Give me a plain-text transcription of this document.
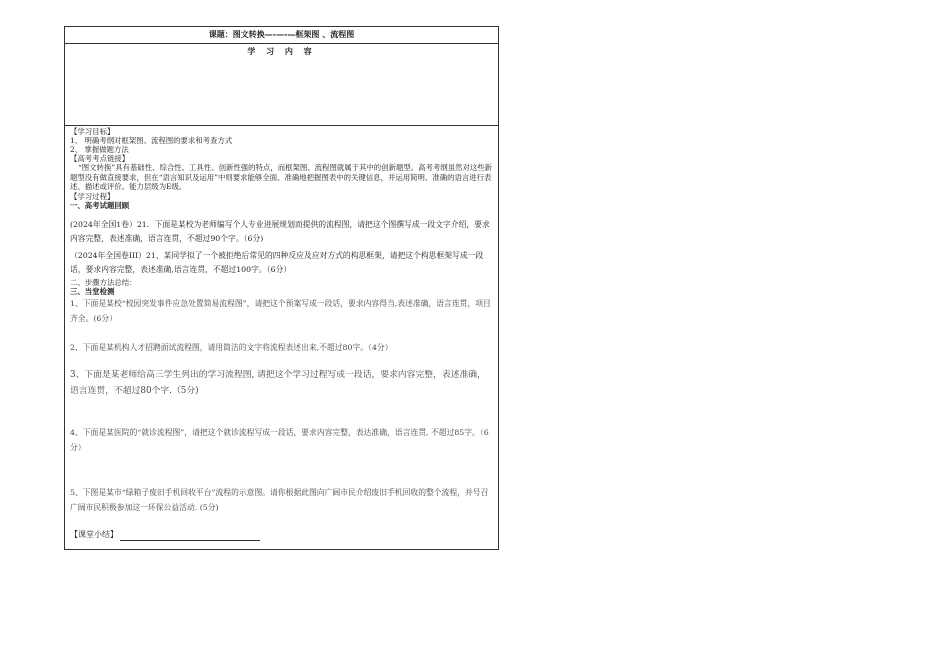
课题：图文转换—-—-—框架图 、流程图
学 习 内 容

【学习目标】

1、 明确考纲对框架图、流程图的要求和考查方式

2、 掌握做题方法

【高考考点链接】

“图文转换”具有基础性、综合性、工具性、创新性强的特点，而框架图、流程图就属于其中的创新题型。高考考纲虽然对这些新题型没有做直接要求，但在“语言知识及运用”中则要求能够全面、准确地把握图表中的关键信息，并运用简明、准确的语言进行表述、描述或评价。能力层级为E级。

【学习过程】

一、高考试题回顾

(2024年全国1卷）21．下面是某校为老师编写个人专业进展规划而提供的流程图，请把这个图撰写成一段文字介绍，要求内容完整，表述准确，语言连贯，不超过90个字。（6分)

（2024年全国卷III）21、某同学拟了一个被拒绝后常见的四种反应及应对方式的构思框架，请把这个构思框架写成一段话，要求内容完整，表述准确,语言连贯，不超过100字。（6分）

二、步骤方法总结：

三、当堂检测

1、下面是某校“校园突发事件应急处置简易流程图”，请把这个预案写成一段话，要求内容得当,表述准确，语言连贯，项目齐全。(6分）

2、下面是某机构人才招聘面试流程图，请用简洁的文字将流程表述出来,不超过80字。（4分）

3、下面是某老师给高三学生列出的学习流程图, 请把这个学习过程写成一段话，要求内容完整，表述准确，语言连贯，不超过80个字.（5分)

4、下面是某医院的“就诊流程图”，请把这个就诊流程写成一段话，要求内容完整，表达准确，语言连贯, 不超过85字。（6分）

5、下图是某市“绿箱子废旧手机回收平台”流程的示意图。请你根据此图向广阔市民介绍废旧手机回收的整个流程，并号召广阔市民积极参加这一环保公益活动. (5分)

【课堂小结】
